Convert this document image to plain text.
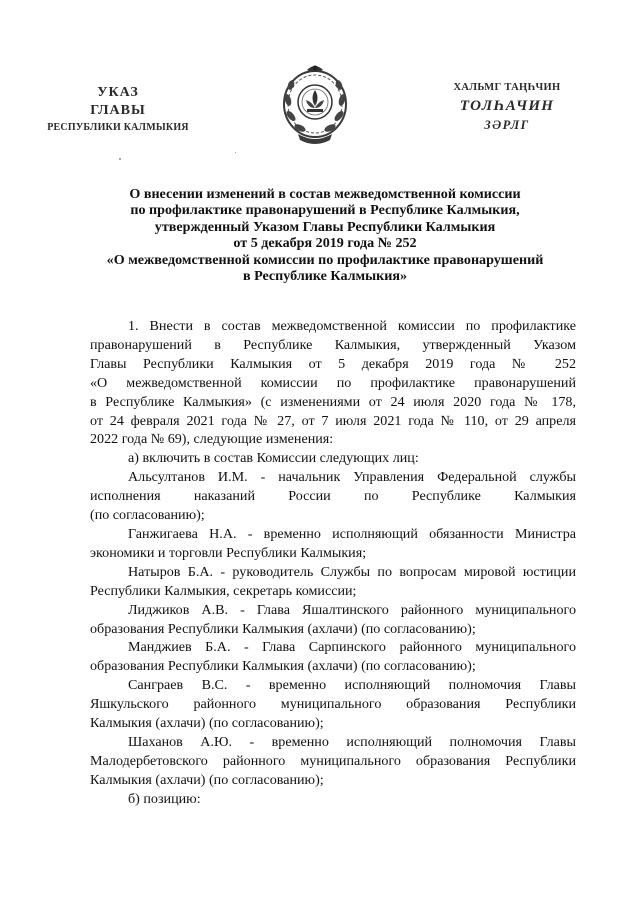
УКАЗ
ГЛАВЫ
РЕСПУБЛИКИ КАЛМЫКИЯ
ХАЛЬМГ ТАҢҺЧИН
ТОЛҺАЧИН
ЗӘРЛГ
О внесении изменений в состав межведомственной комиссии
по профилактике правонарушений в Республике Калмыкия,
утвержденный Указом Главы Республики Калмыкия
от 5 декабря 2019 года № 252
«О межведомственной комиссии по профилактике правонарушений
в Республике Калмыкия»
1. Внести в состав межведомственной комиссии по профилактике
правонарушений в Республике Калмыкия, утвержденный Указом
Главы Республики Калмыкия от 5 декабря 2019 года № 252
«О межведомственной комиссии по профилактике правонарушений
в Республике Калмыкия» (с изменениями от 24 июля 2020 года № 178,
от 24 февраля 2021 года № 27, от 7 июля 2021 года № 110, от 29 апреля
2022 года № 69), следующие изменения:
а) включить в состав Комиссии следующих лиц:
Альсултанов И.М. - начальник Управления Федеральной службы
исполнения наказаний России по Республике Калмыкия
(по согласованию);
Ганжигаева Н.А. - временно исполняющий обязанности Министра
экономики и торговли Республики Калмыкия;
Натыров Б.А. - руководитель Службы по вопросам мировой юстиции
Республики Калмыкия, секретарь комиссии;
Лиджиков А.В. - Глава Яшалтинского районного муниципального
образования Республики Калмыкия (ахлачи) (по согласованию);
Манджиев Б.А. - Глава Сарпинского районного муниципального
образования Республики Калмыкия (ахлачи) (по согласованию);
Санграев В.С. - временно исполняющий полномочия Главы
Яшкульского районного муниципального образования Республики
Калмыкия (ахлачи) (по согласованию);
Шаханов А.Ю. - временно исполняющий полномочия Главы
Малодербетовского районного муниципального образования Республики
Калмыкия (ахлачи) (по согласованию);
б) позицию:
